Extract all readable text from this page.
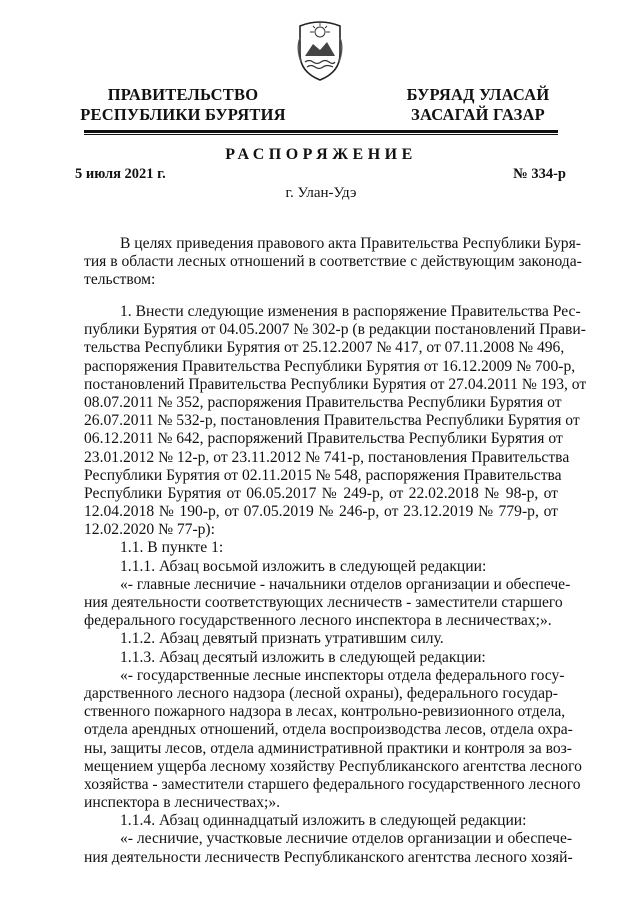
ПРАВИТЕЛЬСТВО
РЕСПУБЛИКИ БУРЯТИЯ
БУРЯАД УЛАСАЙ
ЗАСАГАЙ ГАЗАР
РАСПОРЯЖЕНИЕ
5 июля 2021 г.	№ 334-р
г. Улан-Удэ
В целях приведения правового акта Правительства Республики Буря-
тия в области лесных отношений в соответствие с действующим законода-
тельством:
1. Внести следующие изменения в распоряжение Правительства Рес-
публики Бурятия от 04.05.2007 № 302-р (в редакции постановлений Прави-
тельства Республики Бурятия от 25.12.2007 № 417, от 07.11.2008 № 496,
распоряжения Правительства Республики Бурятия от 16.12.2009 № 700-р,
постановлений Правительства Республики Бурятия от 27.04.2011 № 193, от
08.07.2011 № 352, распоряжения Правительства Республики Бурятия от
26.07.2011 № 532-р, постановления Правительства Республики Бурятия от
06.12.2011 № 642, распоряжений Правительства Республики Бурятия от
23.01.2012 № 12-р, от 23.11.2012 № 741-р, постановления Правительства
Республики Бурятия от 02.11.2015 № 548, распоряжения Правительства
Республики Бурятия от 06.05.2017 № 249-р, от 22.02.2018 № 98-р, от
12.04.2018 № 190-р, от 07.05.2019 № 246-р, от 23.12.2019 № 779-р, от
12.02.2020 № 77-р):
1.1. В пункте 1:
1.1.1. Абзац восьмой изложить в следующей редакции:
«- главные лесничие - начальники отделов организации и обеспече-
ния деятельности соответствующих лесничеств - заместители старшего
федерального государственного лесного инспектора в лесничествах;».
1.1.2. Абзац девятый признать утратившим силу.
1.1.3. Абзац десятый изложить в следующей редакции:
«- государственные лесные инспекторы отдела федерального госу-
дарственного лесного надзора (лесной охраны), федерального государ-
ственного пожарного надзора в лесах, контрольно-ревизионного отдела,
отдела арендных отношений, отдела воспроизводства лесов, отдела охра-
ны, защиты лесов, отдела административной практики и контроля за воз-
мещением ущерба лесному хозяйству Республиканского агентства лесного
хозяйства - заместители старшего федерального государственного лесного
инспектора в лесничествах;».
1.1.4. Абзац одиннадцатый изложить в следующей редакции:
«- лесничие, участковые лесничие отделов организации и обеспече-
ния деятельности лесничеств Республиканского агентства лесного хозяй-
